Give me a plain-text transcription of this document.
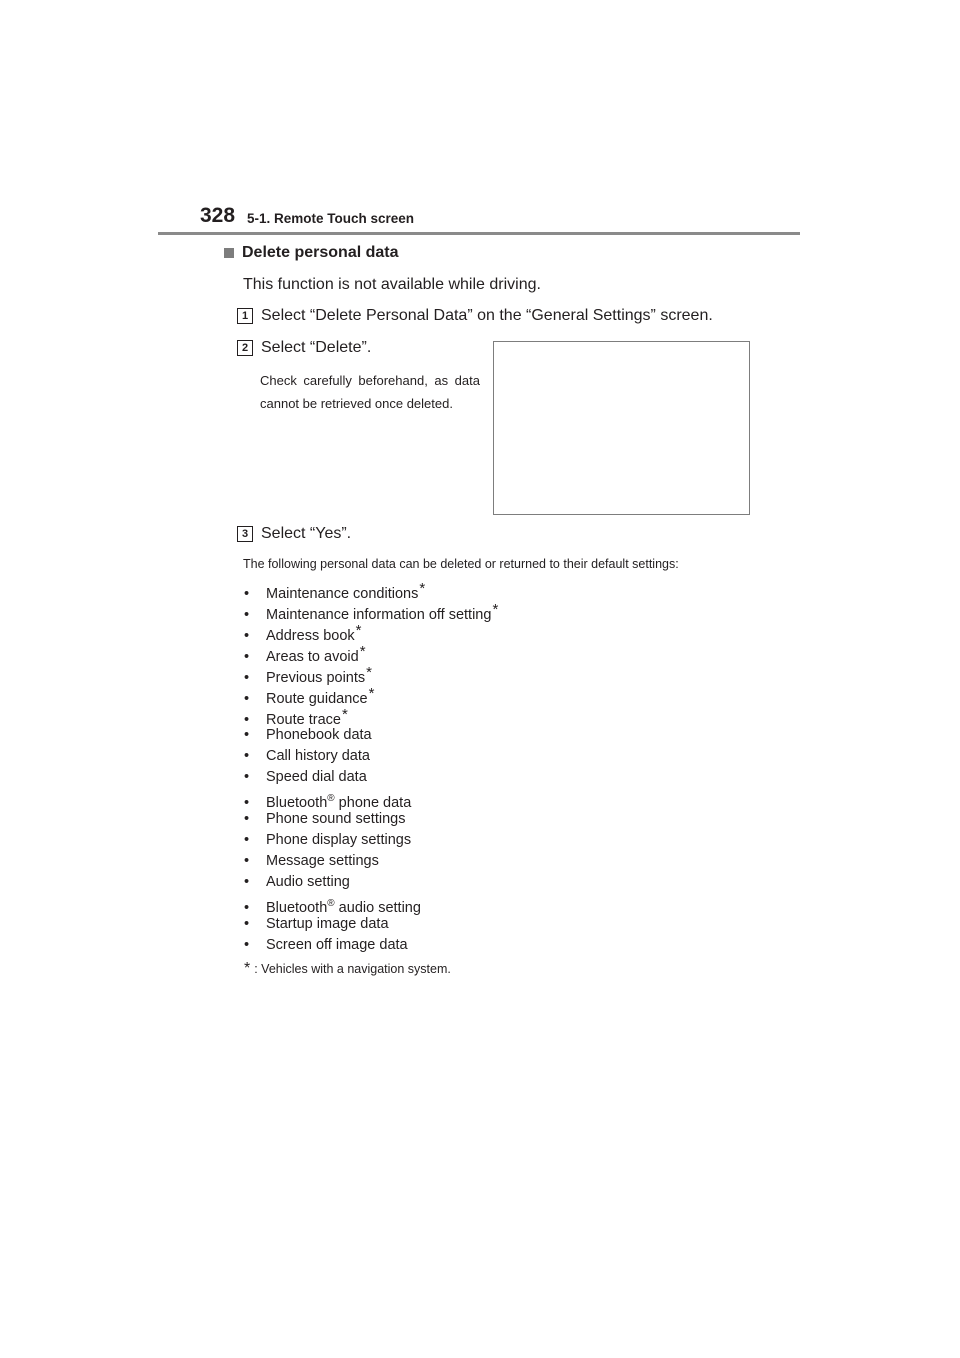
328 5-1. Remote Touch screen
Delete personal data
This function is not available while driving.
1 Select “Delete Personal Data” on the “General Settings” screen.
2 Select “Delete”.
Check carefully beforehand, as data cannot be retrieved once deleted.
3 Select “Yes”.
The following personal data can be deleted or returned to their default settings:
• Maintenance conditions*
• Maintenance information off setting*
• Address book*
• Areas to avoid*
• Previous points*
• Route guidance*
• Route trace*
• Phonebook data
• Call history data
• Speed dial data
• Bluetooth® phone data
• Phone sound settings
• Phone display settings
• Message settings
• Audio setting
• Bluetooth® audio setting
• Startup image data
• Screen off image data
* : Vehicles with a navigation system.
